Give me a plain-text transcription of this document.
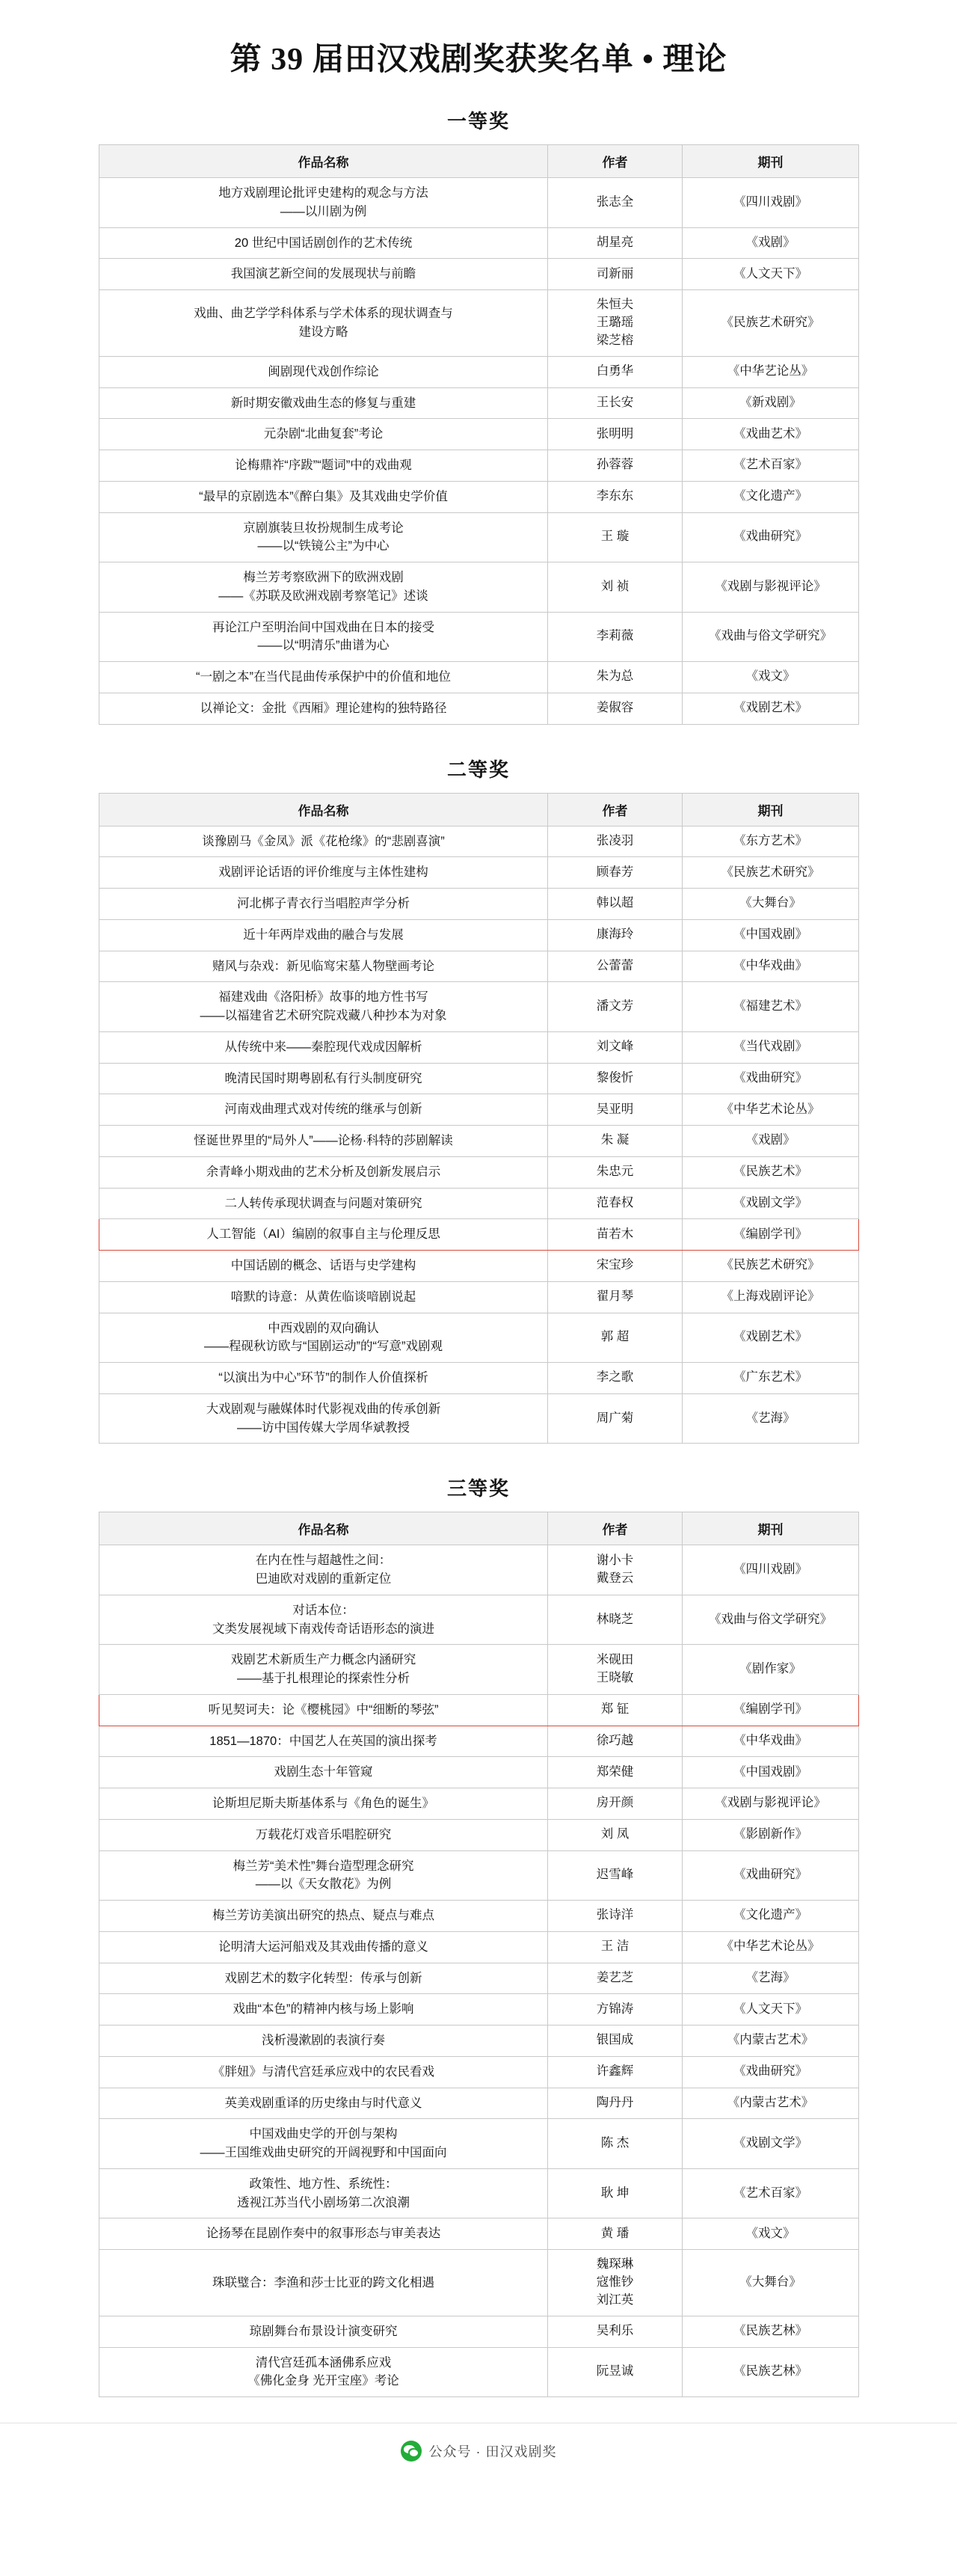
第 39 届田汉戏剧奖获奖名单 • 理论
一等奖
作品名称	作者	期刊

地方戏剧理论批评史建构的观念与方法
——以川剧为例	张志全	《四川戏剧》
20 世纪中国话剧创作的艺术传统	胡星亮	《戏剧》
我国演艺新空间的发展现状与前瞻	司新丽	《人文天下》

戏曲、曲艺学学科体系与学术体系的现状调查与
建设方略	朱恒夫
王璐瑶
梁芝榕	《民族艺术研究》
闽剧现代戏创作综论	白勇华	《中华艺论丛》
新时期安徽戏曲生态的修复与重建	王长安	《新戏剧》
元杂剧“北曲复套”考论	张明明	《戏曲艺术》
论梅鼎祚“序跋”“题词”中的戏曲观	孙蓉蓉	《艺术百家》
“最早的京剧选本”《醉白集》及其戏曲史学价值	李东东	《文化遗产》

京剧旗装旦妆扮规制生成考论
——以“铁镜公主”为中心	王 璇	《戏曲研究》

梅兰芳考察欧洲下的欧洲戏剧
——《苏联及欧洲戏剧考察笔记》述谈	刘 祯	《戏剧与影视评论》

再论江户至明治间中国戏曲在日本的接受
——以“明清乐”曲谱为心	李莉薇	《戏曲与俗文学研究》
“一剧之本”在当代昆曲传承保护中的价值和地位	朱为总	《戏文》
以禅论文：金批《西厢》理论建构的独特路径	姜俶容	《戏剧艺术》
二等奖
作品名称	作者	期刊
谈豫剧马《金凤》派《花枪缘》的“悲剧喜演”	张凌羽	《东方艺术》
戏剧评论话语的评价维度与主体性建构	顾春芳	《民族艺术研究》
河北梆子青衣行当唱腔声学分析	韩以超	《大舞台》
近十年两岸戏曲的融合与发展	康海玲	《中国戏剧》
赌风与杂戏：新见临窎宋墓人物壁画考论	公蕾蕾	《中华戏曲》

福建戏曲《洛阳桥》故事的地方性书写
——以福建省艺术研究院戏藏八种抄本为对象	潘文芳	《福建艺术》
从传统中来——秦腔现代戏成因解析	刘文峰	《当代戏剧》
晚清民国时期粤剧私有行头制度研究	黎俊忻	《戏曲研究》
河南戏曲理式戏对传统的继承与创新	吴亚明	《中华艺术论丛》
怪诞世界里的“局外人”——论杨·科特的莎剧解读	朱 凝	《戏剧》
余青峰小期戏曲的艺术分析及创新发展启示	朱忠元	《民族艺术》
二人转传承现状调查与问题对策研究	范春权	《戏剧文学》
人工智能（AI）编剧的叙事自主与伦理反思	苗若木	《编剧学刊》
中国话剧的概念、话语与史学建构	宋宝珍	《民族艺术研究》
喑默的诗意：从黄佐临谈喑剧说起	翟月琴	《上海戏剧评论》

中西戏剧的双向确认
——程砚秋访欧与“国剧运动”的“写意”戏剧观	郭 超	《戏剧艺术》
“以演出为中心”环节”的制作人价值探析	李之歌	《广东艺术》

大戏剧观与融媒体时代影视戏曲的传承创新
——访中国传媒大学周华斌教授	周广菊	《艺海》
三等奖
作品名称	作者	期刊

在内在性与超越性之间：
巴迪欧对戏剧的重新定位	谢小卡
戴登云	《四川戏剧》

对话本位：
文类发展视域下南戏传奇话语形态的演进	林晓芝	《戏曲与俗文学研究》

戏剧艺术新质生产力概念内涵研究
——基于扎根理论的探索性分析	米砚田
王晓敏	《剧作家》
听见契诃夫：论《樱桃园》中“细断的琴弦”	郑 钲	《编剧学刊》
1851—1870：中国艺人在英国的演出探考	徐巧越	《中华戏曲》
戏剧生态十年管窥	郑荣健	《中国戏剧》
论斯坦尼斯夫斯基体系与《角色的诞生》	房开颜	《戏剧与影视评论》
万载花灯戏音乐唱腔研究	刘 凤	《影剧新作》

梅兰芳“美术性”舞台造型理念研究
——以《天女散花》为例	迟雪峰	《戏曲研究》
梅兰芳访美演出研究的热点、疑点与难点	张诗洋	《文化遗产》
论明清大运河船戏及其戏曲传播的意义	王 洁	《中华艺术论丛》
戏剧艺术的数字化转型：传承与创新	姜艺芝	《艺海》
戏曲“本色”的精神内核与场上影响	方锦涛	《人文天下》
浅析漫漱剧的表演行奏	银国成	《内蒙古艺术》
《胖妞》与清代宫廷承应戏中的农民看戏	许鑫辉	《戏曲研究》
英美戏剧重译的历史缘由与时代意义	陶丹丹	《内蒙古艺术》

中国戏曲史学的开创与架构
——王国维戏曲史研究的开阔视野和中国面向	陈 杰	《戏剧文学》

政策性、地方性、系统性：
透视江苏当代小剧场第二次浪潮	耿 坤	《艺术百家》
论扬琴在昆剧作奏中的叙事形态与审美表达	黄 璠	《戏文》
珠联璧合：李渔和莎士比亚的跨文化相遇	魏琛琳
寇惟钞
刘江英	《大舞台》
琼剧舞台布景设计演变研究	吴利乐	《民族艺林》

清代宫廷孤本涵佛系应戏
《佛化金身 光开宝座》考论	阮昱诚	《民族艺林》
公众号 · 田汉戏剧奖
